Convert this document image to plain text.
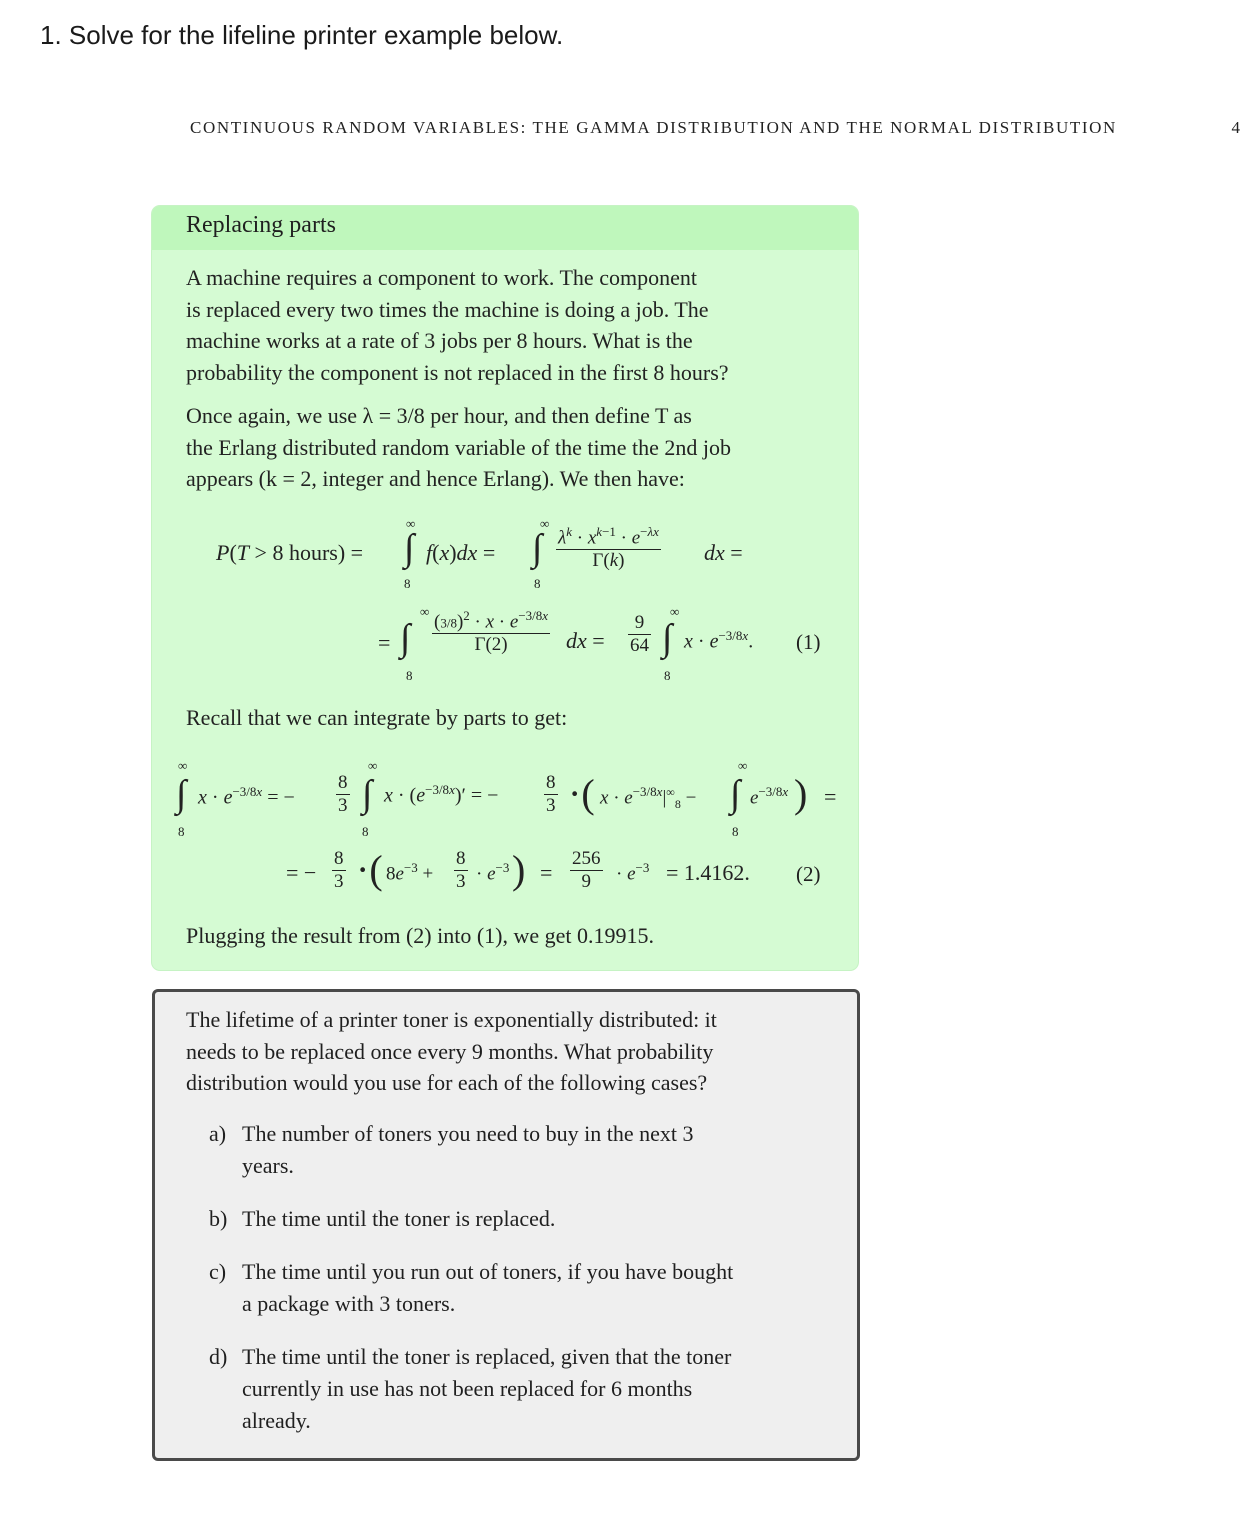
1. Solve for the lifeline printer example below.
CONTINUOUS RANDOM VARIABLES: THE GAMMA DISTRIBUTION AND THE NORMAL DISTRIBUTION	4
Replacing parts
A machine requires a component to work. The component
is replaced every two times the machine is doing a job. The
machine works at a rate of 3 jobs per 8 hours. What is the
probability the component is not replaced in the first 8 hours?
Once again, we use λ = 3/8 per hour, and then define T as
the Erlang distributed random variable of the time the 2nd job
appears (k = 2, integer and hence Erlang). We then have:
P(T > 8 hours) = ∫
∞
8
f(x)dx = ∫
∞
8
$\frac{\lambda^k \cdot x^{k-1} \cdot e^{-\lambda x}}{\Gamma(k)}$ dx =
= ∫
∞
8
$\frac{(3/8)^2 \cdot x \cdot e^{-3/8x}}{\Gamma(2)}$ dx = $\frac{9}{64}$ ∫
∞
8
$x \cdot e^{-3/8x}$. (1)
Recall that we can integrate by parts to get:
∫
∞
8
$x \cdot e^{-3/8x}$ = − $\frac{8}{3}$ ∫
∞
8
$x \cdot (e^{-3/8x})'$ = − $\frac{8}{3}$ ·( $x \cdot e^{-3/8x}|^\infty_8$ − ∫
∞
8
$e^{-3/8x}$ ) =
= − $\frac{8}{3}$ ·( $8e^{-3} + \frac{8}{3} \cdot e^{-3}$ ) = $\frac{256}{9} \cdot e^{-3} = 1.4162$. (2)
Plugging the result from (2) into (1), we get 0.19915.
The lifetime of a printer toner is exponentially distributed: it
needs to be replaced once every 9 months. What probability
distribution would you use for each of the following cases?
a) The number of toners you need to buy in the next 3
years.
b) The time until the toner is replaced.
c) The time until you run out of toners, if you have bought
a package with 3 toners.
d) The time until the toner is replaced, given that the toner
currently in use has not been replaced for 6 months
already.
